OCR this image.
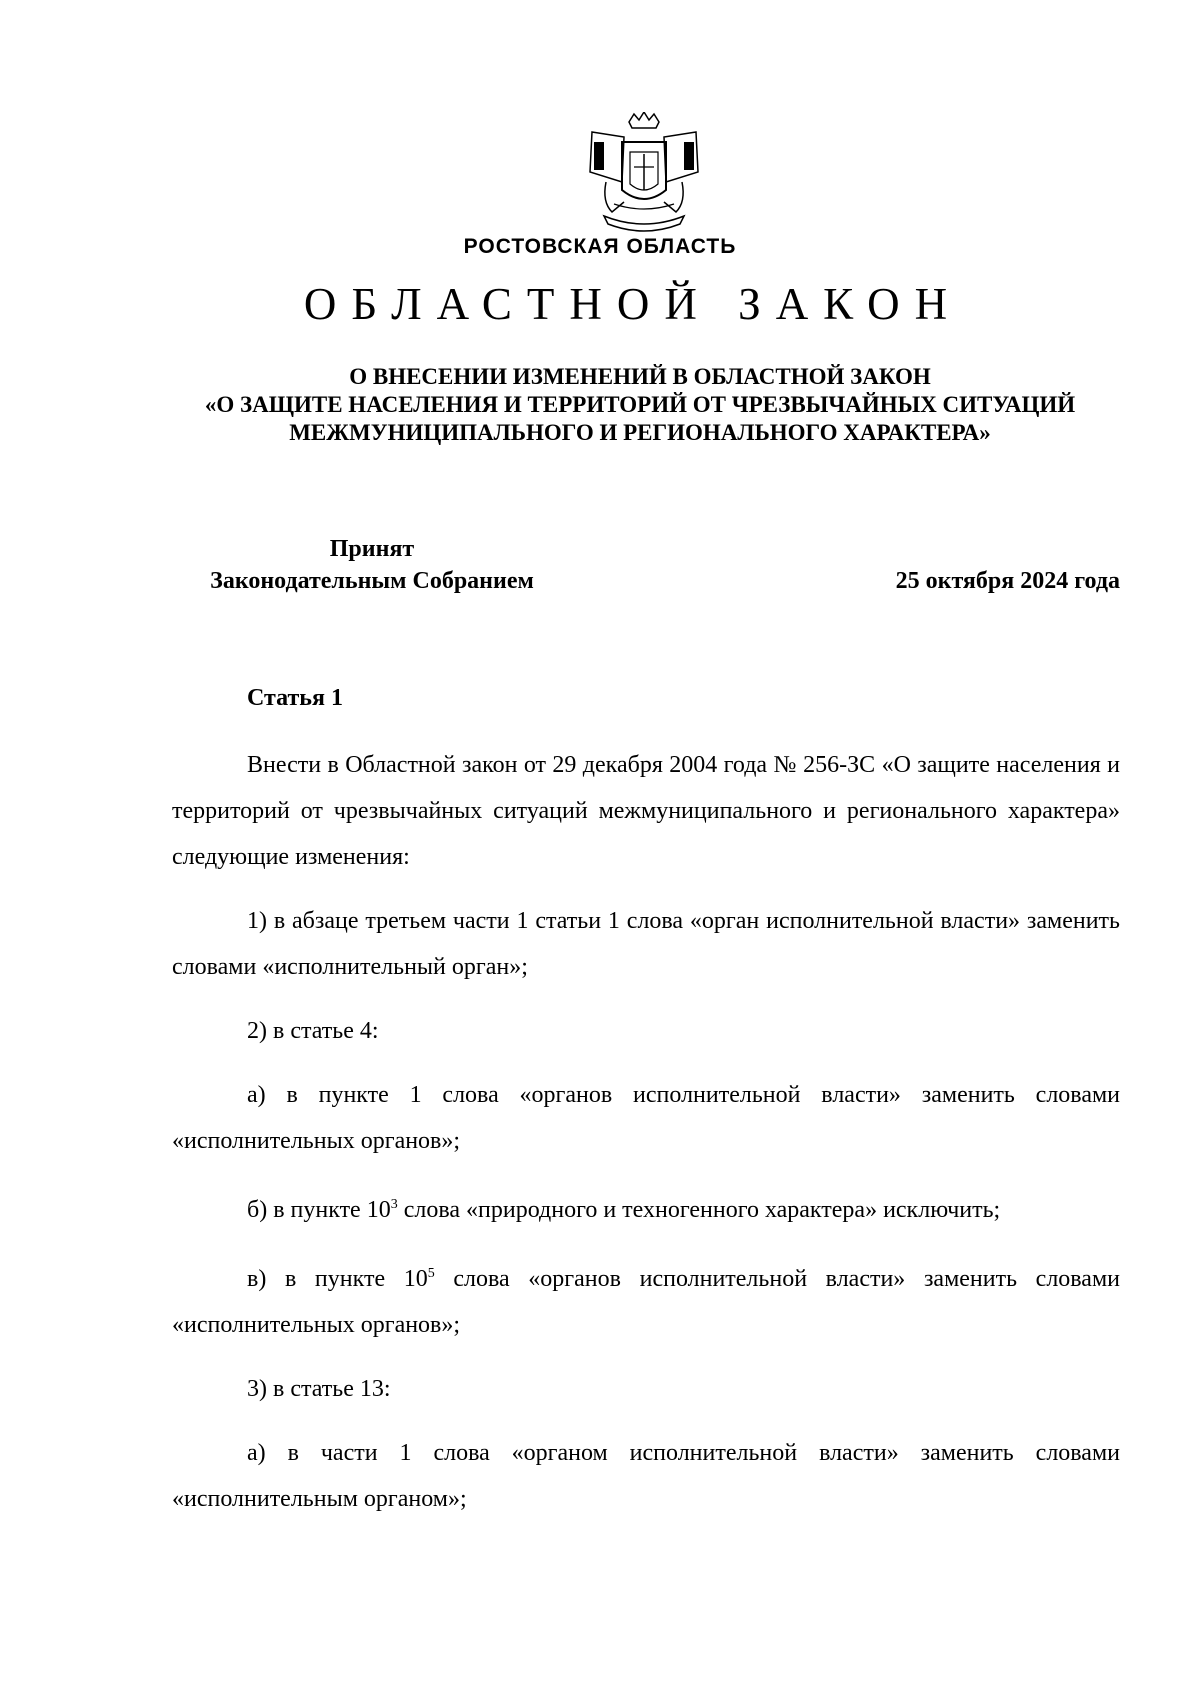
РОСТОВСКАЯ ОБЛАСТЬ
ОБЛАСТНОЙ ЗАКОН
О ВНЕСЕНИИ ИЗМЕНЕНИЙ В ОБЛАСТНОЙ ЗАКОН
«О ЗАЩИТЕ НАСЕЛЕНИЯ И ТЕРРИТОРИЙ ОТ ЧРЕЗВЫЧАЙНЫХ СИТУАЦИЙ
МЕЖМУНИЦИПАЛЬНОГО И РЕГИОНАЛЬНОГО ХАРАКТЕРА»
Принят
Законодательным Собранием	25 октября 2024 года
Статья 1

Внести в Областной закон от 29 декабря 2004 года № 256-ЗС «О защите населения и территорий от чрезвычайных ситуаций межмуниципального и регионального характера» следующие изменения:

1) в абзаце третьем части 1 статьи 1 слова «орган исполнительной власти» заменить словами «исполнительный орган»;

2) в статье 4:

а) в пункте 1 слова «органов исполнительной власти» заменить словами «исполнительных органов»;

б) в пункте $10^3$ слова «природного и техногенного характера» исключить;

в) в пункте $10^5$ слова «органов исполнительной власти» заменить словами «исполнительных органов»;

3) в статье 13:

а) в части 1 слова «органом исполнительной власти» заменить словами «исполнительным органом»;
